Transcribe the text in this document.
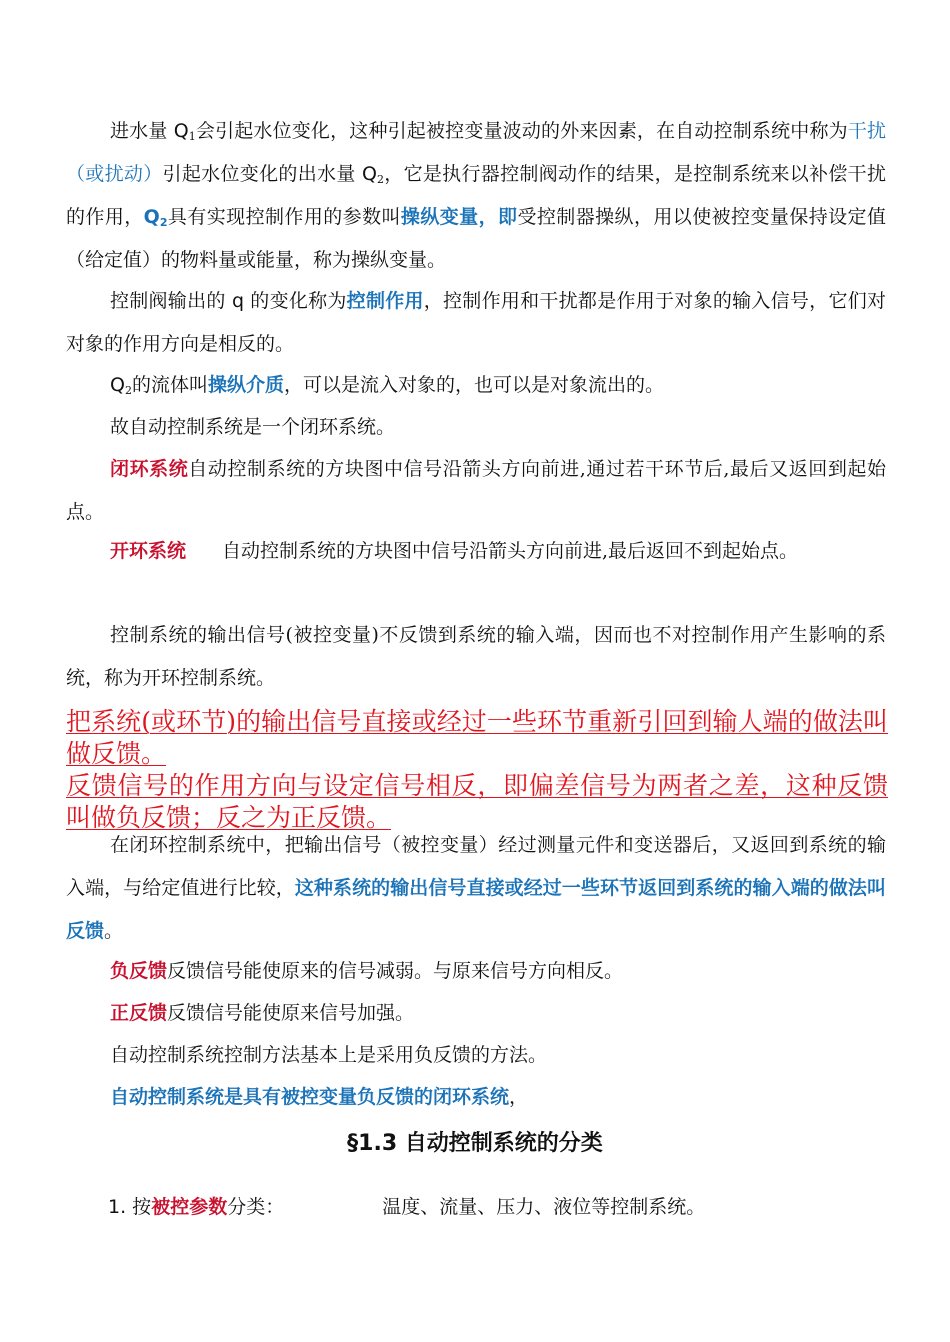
进水量 $Q_1$会引起水位变化，这种引起被控变量波动的外来因素，在自动控制系统中称为干扰（或扰动）引起水位变化的出水量 $Q_2$，它是执行器控制阀动作的结果，是控制系统来以补偿干扰的作用，$Q_2$具有实现控制作用的参数叫操纵变量，即受控制器操纵，用以使被控变量保持设定值（给定值）的物料量或能量，称为操纵变量。

控制阀输出的 q 的变化称为控制作用，控制作用和干扰都是作用于对象的输入信号，它们对对象的作用方向是相反的。

$Q_2$的流体叫操纵介质，可以是流入对象的，也可以是对象流出的。

故自动控制系统是一个闭环系统。

闭环系统自动控制系统的方块图中信号沿箭头方向前进,通过若干环节后,最后又返回到起始点。

开环系统 自动控制系统的方块图中信号沿箭头方向前进,最后返回不到起始点。

控制系统的输出信号(被控变量)不反馈到系统的输入端，因而也不对控制作用产生影响的系统，称为开环控制系统。

把系统(或环节)的输出信号直接或经过一些环节重新引回到输人端的做法叫做反馈。

反馈信号的作用方向与设定信号相反，即偏差信号为两者之差，这种反馈叫做负反馈；反之为正反馈。

在闭环控制系统中，把输出信号（被控变量）经过测量元件和变送器后，又返回到系统的输入端，与给定值进行比较，这种系统的输出信号直接或经过一些环节返回到系统的输入端的做法叫反馈。

负反馈反馈信号能使原来的信号减弱。与原来信号方向相反。

正反馈反馈信号能使原来信号加强。

自动控制系统控制方法基本上是采用负反馈的方法。

自动控制系统是具有被控变量负反馈的闭环系统，

§1.3 自动控制系统的分类

1. 按被控参数分类：	温度、流量、压力、液位等控制系统。
